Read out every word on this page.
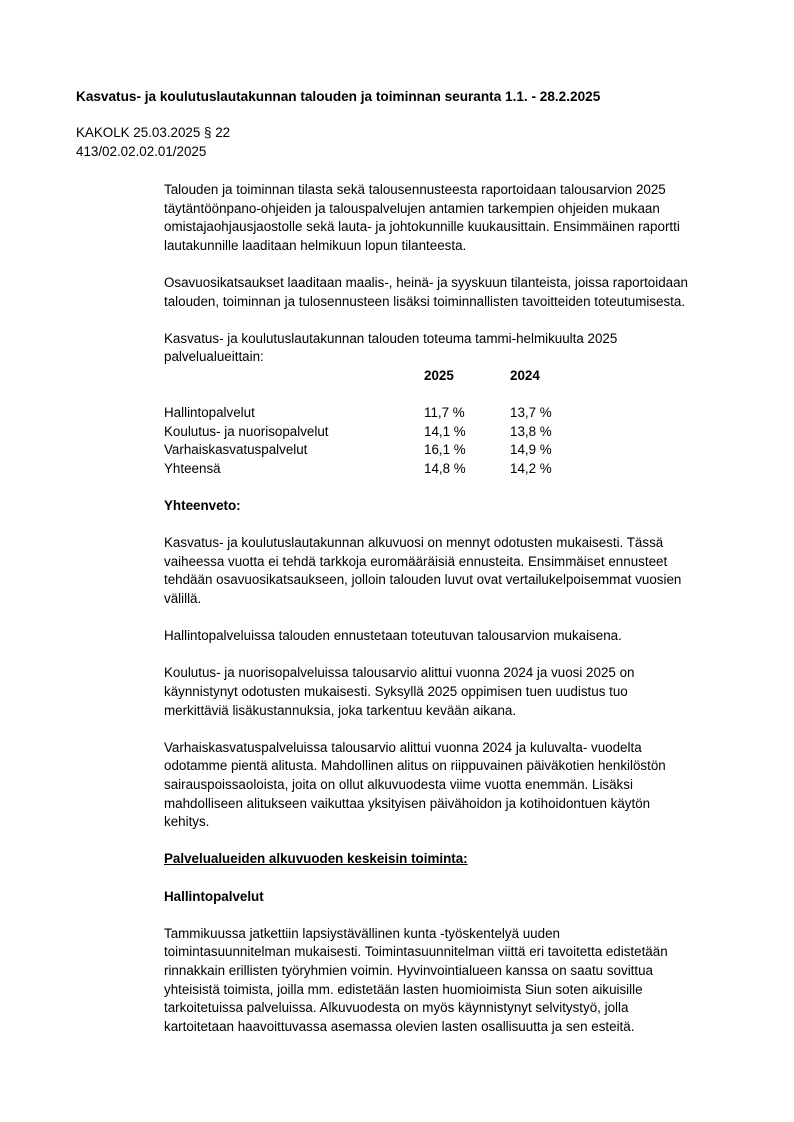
Kasvatus- ja koulutuslautakunnan talouden ja toiminnan seuranta 1.1. - 28.2.2025
KAKOLK 25.03.2025 § 22
413/02.02.02.01/2025
Talouden ja toiminnan tilasta sekä talousennusteesta raportoidaan talousarvion 2025
täytäntöönpano-ohjeiden ja talouspalvelujen antamien tarkempien ohjeiden mukaan
omistajaohjausjaostolle sekä lauta- ja johtokunnille kuukausittain. Ensimmäinen raportti
lautakunnille laaditaan helmikuun lopun tilanteesta.
Osavuosikatsaukset laaditaan maalis-, heinä- ja syyskuun tilanteista, joissa raportoidaan
talouden, toiminnan ja tulosennusteen lisäksi toiminnallisten tavoitteiden toteutumisesta.
Kasvatus- ja koulutuslautakunnan talouden toteuma tammi-helmikuulta 2025
palvelualueittain:
2025	2024
Hallintopalvelut	11,7 %	13,7 %
Koulutus- ja nuorisopalvelut	14,1 %	13,8 %
Varhaiskasvatuspalvelut	16,1 %	14,9 %
Yhteensä	14,8 %	14,2 %
Yhteenveto:
Kasvatus- ja koulutuslautakunnan alkuvuosi on mennyt odotusten mukaisesti. Tässä
vaiheessa vuotta ei tehdä tarkkoja euromääräisiä ennusteita. Ensimmäiset ennusteet
tehdään osavuosikatsaukseen, jolloin talouden luvut ovat vertailukelpoisemmat vuosien
välillä.
Hallintopalveluissa talouden ennustetaan toteutuvan talousarvion mukaisena.
Koulutus- ja nuorisopalveluissa talousarvio alittui vuonna 2024 ja vuosi 2025 on
käynnistynyt odotusten mukaisesti. Syksyllä 2025 oppimisen tuen uudistus tuo
merkittäviä lisäkustannuksia, joka tarkentuu kevään aikana.
Varhaiskasvatuspalveluissa talousarvio alittui vuonna 2024 ja kuluvalta- vuodelta
odotamme pientä alitusta. Mahdollinen alitus on riippuvainen päiväkotien henkilöstön
sairauspoissaoloista, joita on ollut alkuvuodesta viime vuotta enemmän. Lisäksi
mahdolliseen alitukseen vaikuttaa yksityisen päivähoidon ja kotihoidontuen käytön
kehitys.
Palvelualueiden alkuvuoden keskeisin toiminta:
Hallintopalvelut
Tammikuussa jatkettiin lapsiystävällinen kunta -työskentelyä uuden
toimintasuunnitelman mukaisesti. Toimintasuunnitelman viittä eri tavoitetta edistetään
rinnakkain erillisten työryhmien voimin. Hyvinvointialueen kanssa on saatu sovittua
yhteisistä toimista, joilla mm. edistetään lasten huomioimista Siun soten aikuisille
tarkoitetuissa palveluissa. Alkuvuodesta on myös käynnistynyt selvitystyö, jolla
kartoitetaan haavoittuvassa asemassa olevien lasten osallisuutta ja sen esteitä.
